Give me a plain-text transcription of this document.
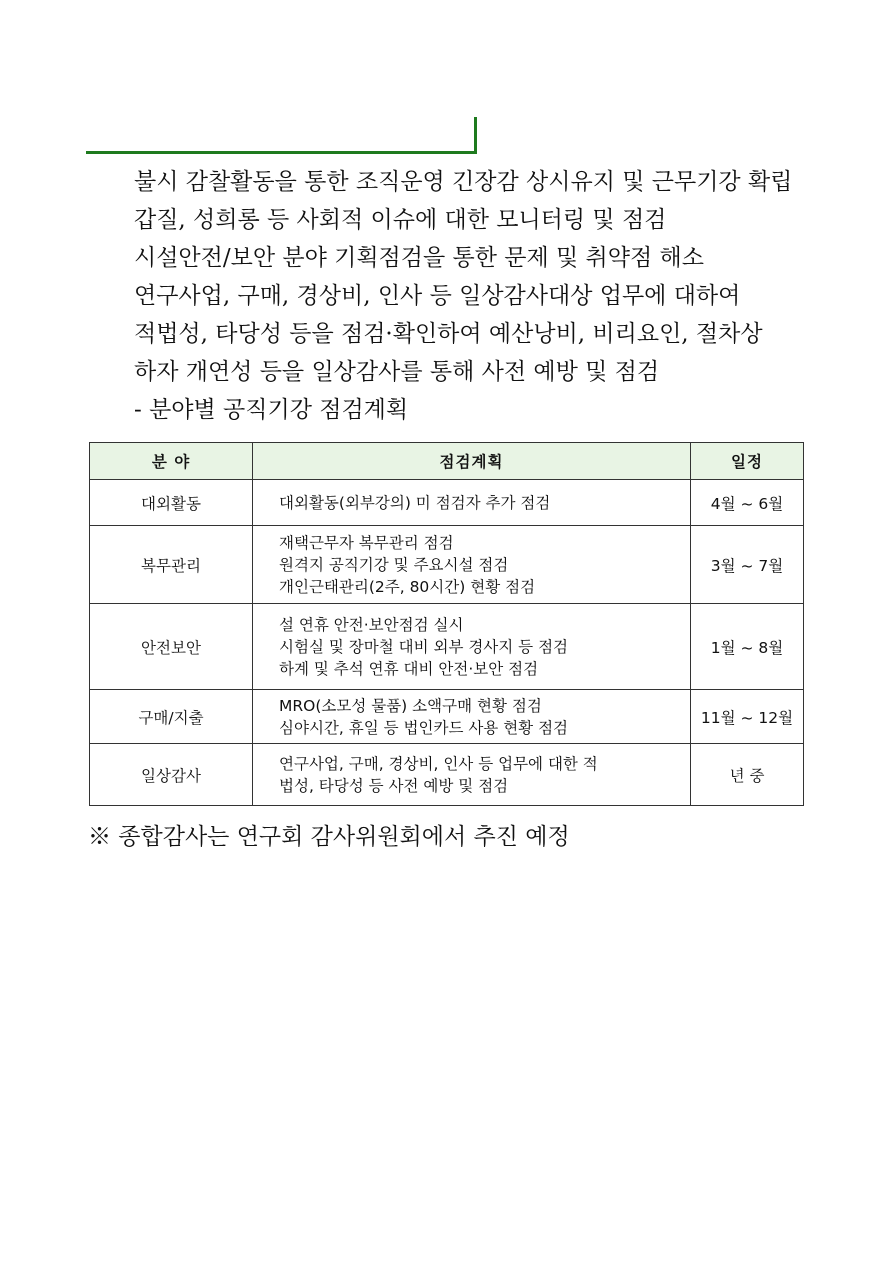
불시 감찰활동을 통한 조직운영 긴장감 상시유지 및 근무기강 확립
갑질, 성희롱 등 사회적 이슈에 대한 모니터링 및 점검
시설안전/보안 분야 기획점검을 통한 문제 및 취약점 해소
연구사업, 구매, 경상비, 인사 등 일상감사대상 업무에 대하여
적법성, 타당성 등을 점검·확인하여 예산낭비, 비리요인, 절차상
하자 개연성 등을 일상감사를 통해 사전 예방 및 점검
- 분야별 공직기강 점검계획
분 야	점검계획	일정
대외활동	대외활동(외부강의) 미 점검자 추가 점검	4월 ~ 6월
복무관리	재택근무자 복무관리 점검
원격지 공직기강 및 주요시설 점검
개인근태관리(2주, 80시간) 현황 점검	3월 ~ 7월
안전보안	설 연휴 안전·보안점검 실시
시험실 및 장마철 대비 외부 경사지 등 점검
하계 및 추석 연휴 대비 안전·보안 점검	1월 ~ 8월
구매/지출	MRO(소모성 물품) 소액구매 현황 점검
심야시간, 휴일 등 법인카드 사용 현황 점검	11월 ~ 12월
일상감사	연구사업, 구매, 경상비, 인사 등 업무에 대한 적
법성, 타당성 등 사전 예방 및 점검	년 중
※ 종합감사는 연구회 감사위원회에서 추진 예정
